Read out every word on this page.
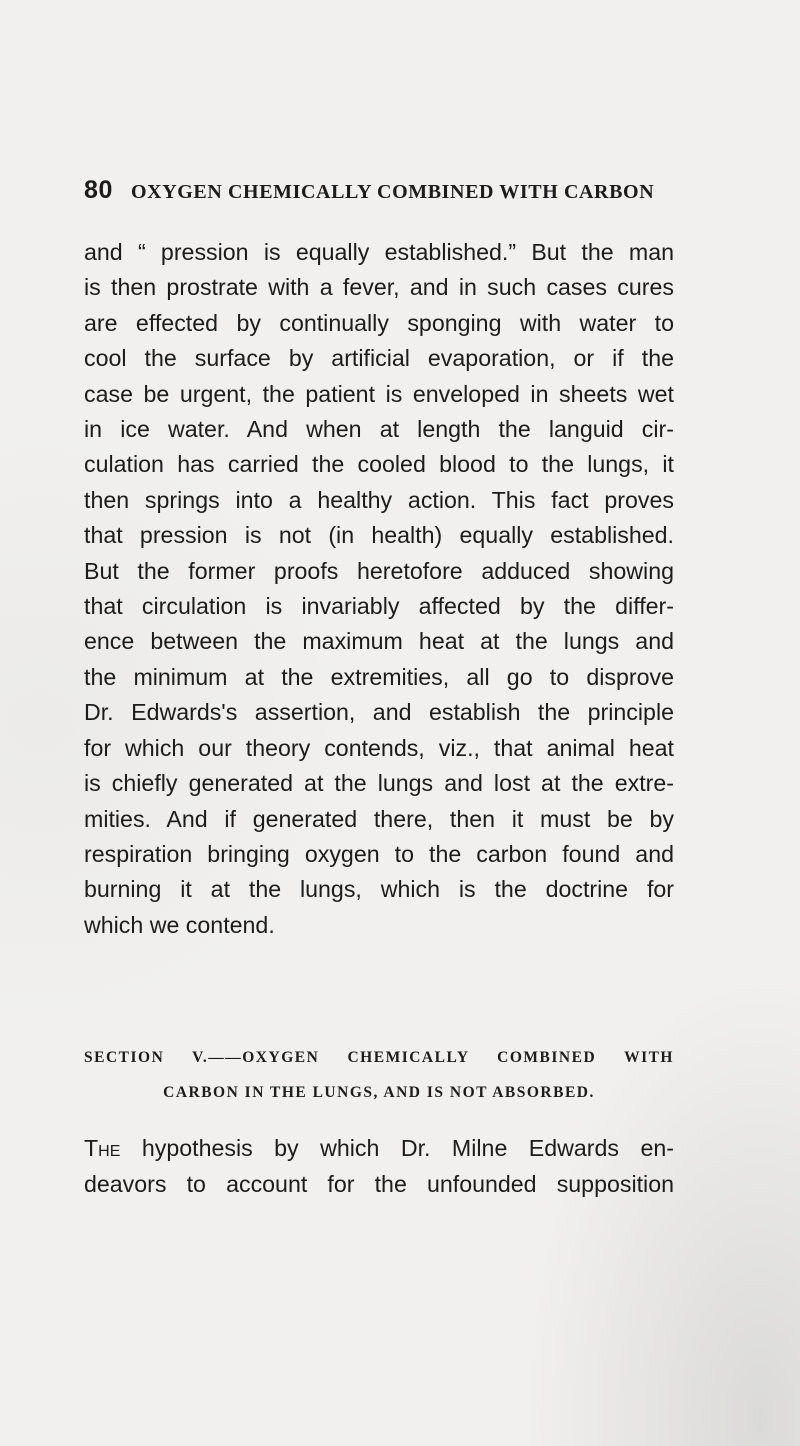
80 OXYGEN CHEMICALLY COMBINED WITH CARBON
and “ pression is equally established.” But the man
is then prostrate with a fever, and in such cases cures
are effected by continually sponging with water to
cool the surface by artificial evaporation, or if the
case be urgent, the patient is enveloped in sheets wet
in ice water. And when at length the languid cir-
culation has carried the cooled blood to the lungs, it
then springs into a healthy action. This fact proves
that pression is not (in health) equally established.
But the former proofs heretofore adduced showing
that circulation is invariably affected by the differ-
ence between the maximum heat at the lungs and
the minimum at the extremities, all go to disprove
Dr. Edwards's assertion, and establish the principle
for which our theory contends, viz., that animal heat
is chiefly generated at the lungs and lost at the extre-
mities. And if generated there, then it must be by
respiration bringing oxygen to the carbon found and
burning it at the lungs, which is the doctrine for
which we contend.
SECTION V.——OXYGEN CHEMICALLY COMBINED WITH
CARBON IN THE LUNGS, AND IS NOT ABSORBED.
The hypothesis by which Dr. Milne Edwards en-
deavors to account for the unfounded supposition
